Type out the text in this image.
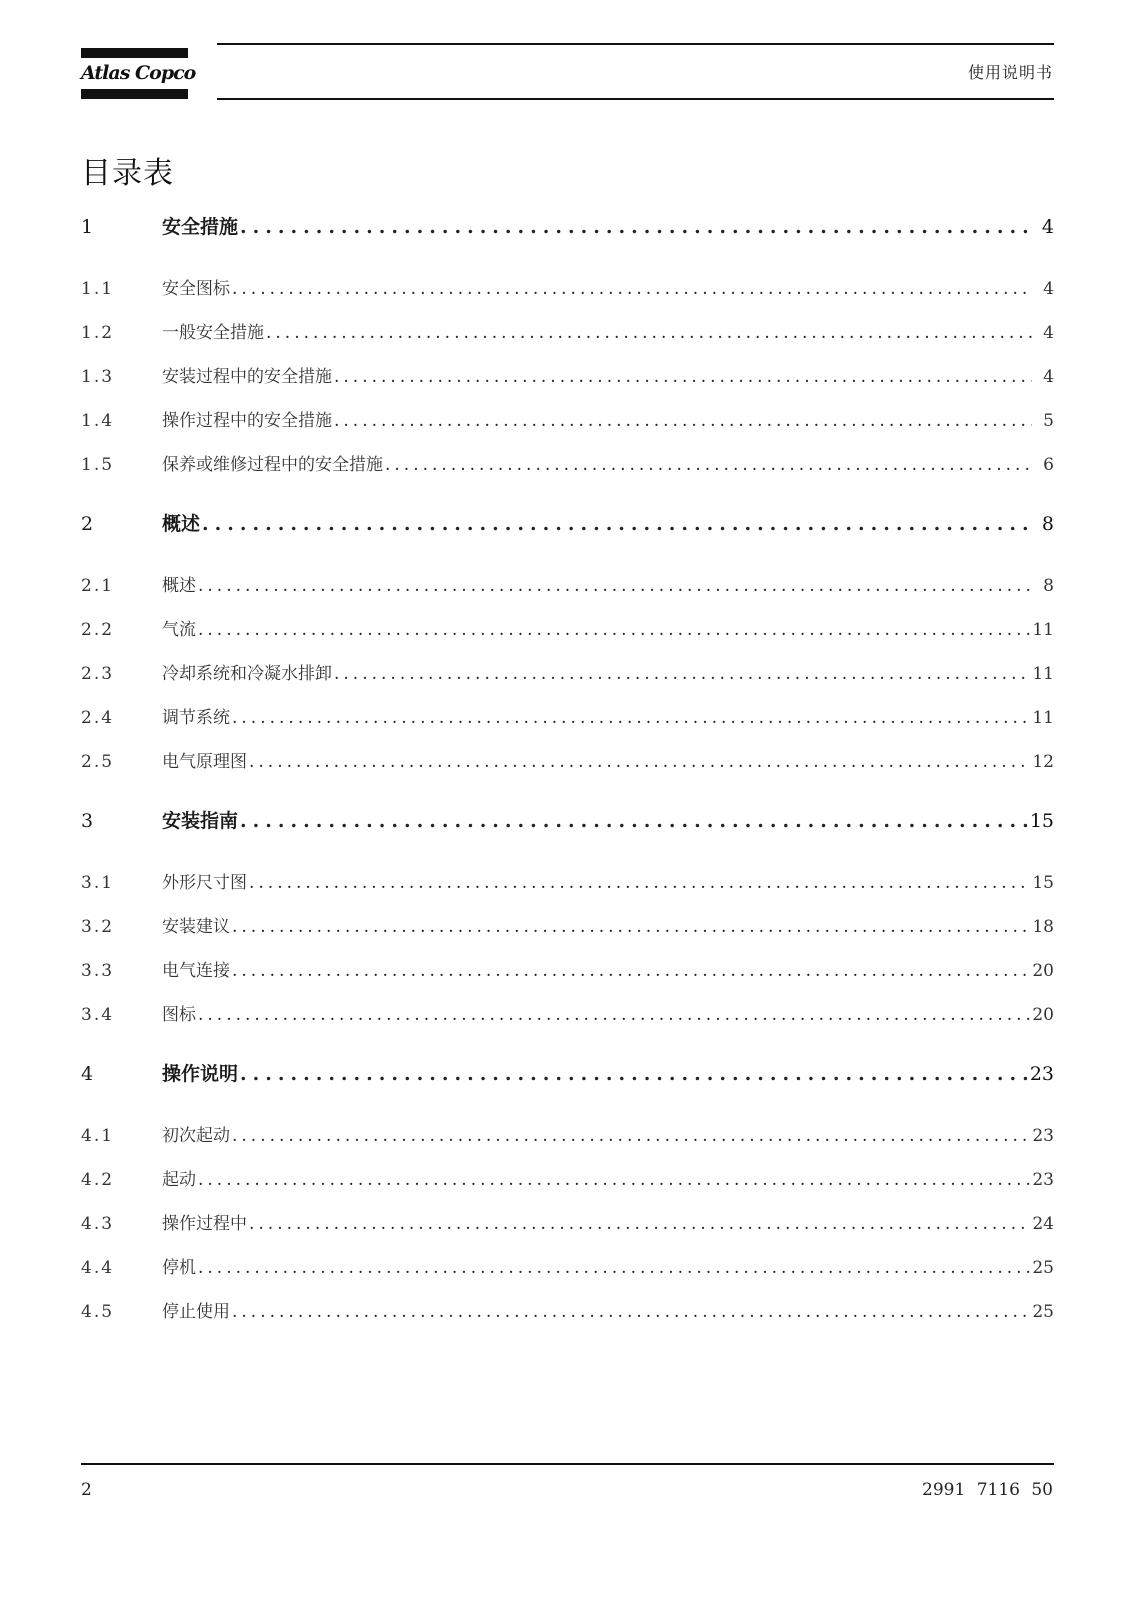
Atlas Copco	使用说明书
目录表
1	安全措施 .....	4
1.1	安全图标 .....	4
1.2	一般安全措施 .....	4
1.3	安装过程中的安全措施 .....	4
1.4	操作过程中的安全措施 .....	5
1.5	保养或维修过程中的安全措施 .....	6
2	概述 .....	8
2.1	概述 .....	8
2.2	气流 .....	11
2.3	冷却系统和冷凝水排卸 .....	11
2.4	调节系统 .....	11
2.5	电气原理图 .....	12
3	安装指南 .....	15
3.1	外形尺寸图 .....	15
3.2	安装建议 .....	18
3.3	电气连接 .....	20
3.4	图标 .....	20
4	操作说明 .....	23
4.1	初次起动 .....	23
4.2	起动 .....	23
4.3	操作过程中 .....	24
4.4	停机 .....	25
4.5	停止使用 .....	25
2	2991 7116 50
